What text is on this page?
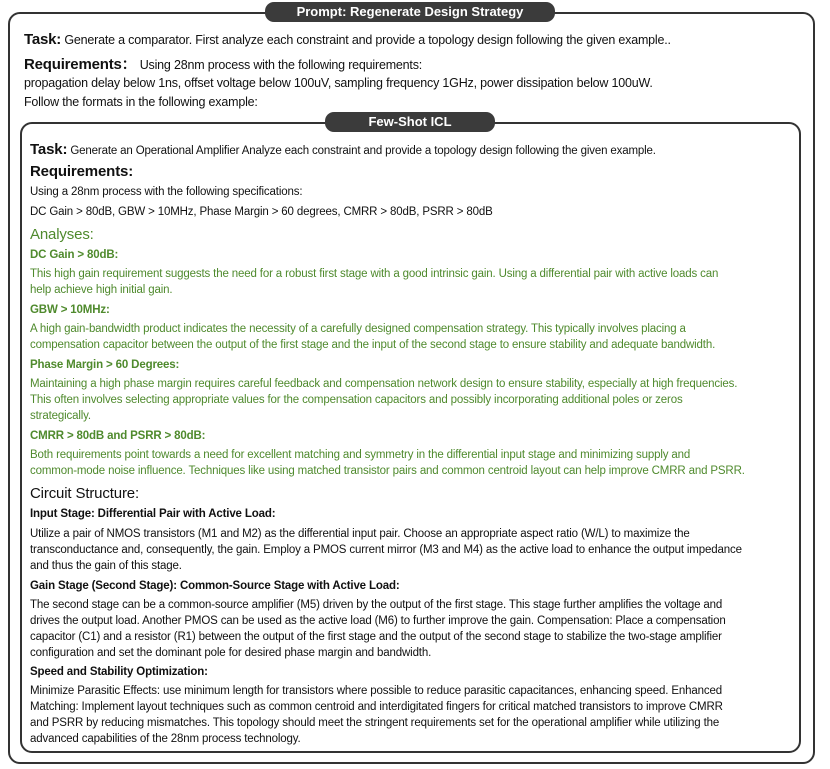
Prompt: Regenerate Design Strategy
Task: Generate a comparator. First analyze each constraint and provide a topology design following the given example..
Requirements： Using 28nm process with the following requirements:
propagation delay below 1ns, offset voltage below 100uV, sampling frequency 1GHz, power dissipation below 100uW.
Follow the formats in the following example:
Few-Shot ICL
Task: Generate an Operational Amplifier Analyze each constraint and provide a topology design following the given example.
Requirements:
Using a 28nm process with the following specifications:
DC Gain > 80dB, GBW > 10MHz, Phase Margin > 60 degrees, CMRR > 80dB, PSRR > 80dB
Analyses:
DC Gain > 80dB:
This high gain requirement suggests the need for a robust first stage with a good intrinsic gain. Using a differential pair with active loads can
help achieve high initial gain.
GBW > 10MHz:
A high gain-bandwidth product indicates the necessity of a carefully designed compensation strategy. This typically involves placing a
compensation capacitor between the output of the first stage and the input of the second stage to ensure stability and adequate bandwidth.
Phase Margin > 60 Degrees:
Maintaining a high phase margin requires careful feedback and compensation network design to ensure stability, especially at high frequencies.
This often involves selecting appropriate values for the compensation capacitors and possibly incorporating additional poles or zeros
strategically.
CMRR > 80dB and PSRR > 80dB:
Both requirements point towards a need for excellent matching and symmetry in the differential input stage and minimizing supply and
common-mode noise influence. Techniques like using matched transistor pairs and common centroid layout can help improve CMRR and PSRR.
Circuit Structure:
Input Stage: Differential Pair with Active Load:
Utilize a pair of NMOS transistors (M1 and M2) as the differential input pair. Choose an appropriate aspect ratio (W/L) to maximize the
transconductance and, consequently, the gain. Employ a PMOS current mirror (M3 and M4) as the active load to enhance the output impedance
and thus the gain of this stage.
Gain Stage (Second Stage): Common-Source Stage with Active Load:
The second stage can be a common-source amplifier (M5) driven by the output of the first stage. This stage further amplifies the voltage and
drives the output load. Another PMOS can be used as the active load (M6) to further improve the gain. Compensation: Place a compensation
capacitor (C1) and a resistor (R1) between the output of the first stage and the output of the second stage to stabilize the two-stage amplifier
configuration and set the dominant pole for desired phase margin and bandwidth.
Speed and Stability Optimization:
Minimize Parasitic Effects: use minimum length for transistors where possible to reduce parasitic capacitances, enhancing speed. Enhanced
Matching: Implement layout techniques such as common centroid and interdigitated fingers for critical matched transistors to improve CMRR
and PSRR by reducing mismatches. This topology should meet the stringent requirements set for the operational amplifier while utilizing the
advanced capabilities of the 28nm process technology.
